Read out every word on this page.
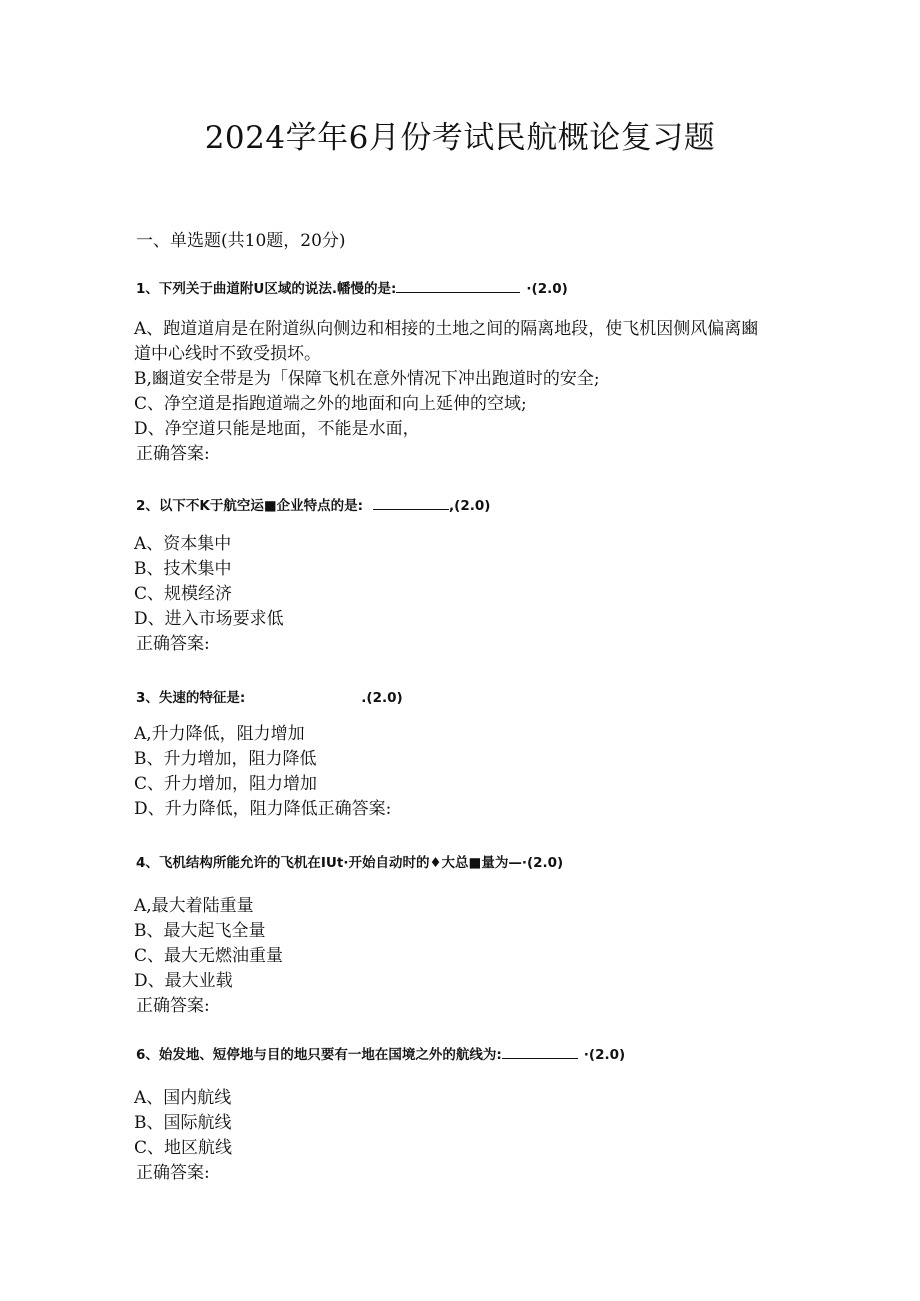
2024学年6月份考试民航概论复习题
一、单选题(共10题，20分)
1、下列关于曲道附U区域的说法.幡慢的是:	·(2.0)
A、跑道道肩是在附道纵向侧边和相接的土地之间的隔离地段，使飞机因侧风偏离豳道中心线时不致受损坏。
B,豳道安全带是为「保障飞机在意外情况下冲出跑道时的安全;
C、净空道是指跑道端之外的地面和向上延伸的空域;
D、净空道只能是地面，不能是水面，
正确答案:
2、以下不K于航空运■企业特点的是:	,(2.0)
A、资本集中
B、技术集中
C、规模经济
D、进入市场要求低
正确答案:
3、失速的特征是:	.(2.0)
A,升力降低，阻力增加
B、升力增加，阻力降低
C、升力增加，阻力增加
D、升力降低，阻力降低正确答案:
4、飞机结构所能允许的飞机在IUt·开始自动时的♦大总■量为—·(2.0)
A,最大着陆重量
B、最大起飞全量
C、最大无燃油重量
D、最大业载
正确答案:
6、始发地、短停地与目的地只要有一地在国境之外的航线为:	·(2.0)
A、国内航线
B、国际航线
C、地区航线
正确答案:
